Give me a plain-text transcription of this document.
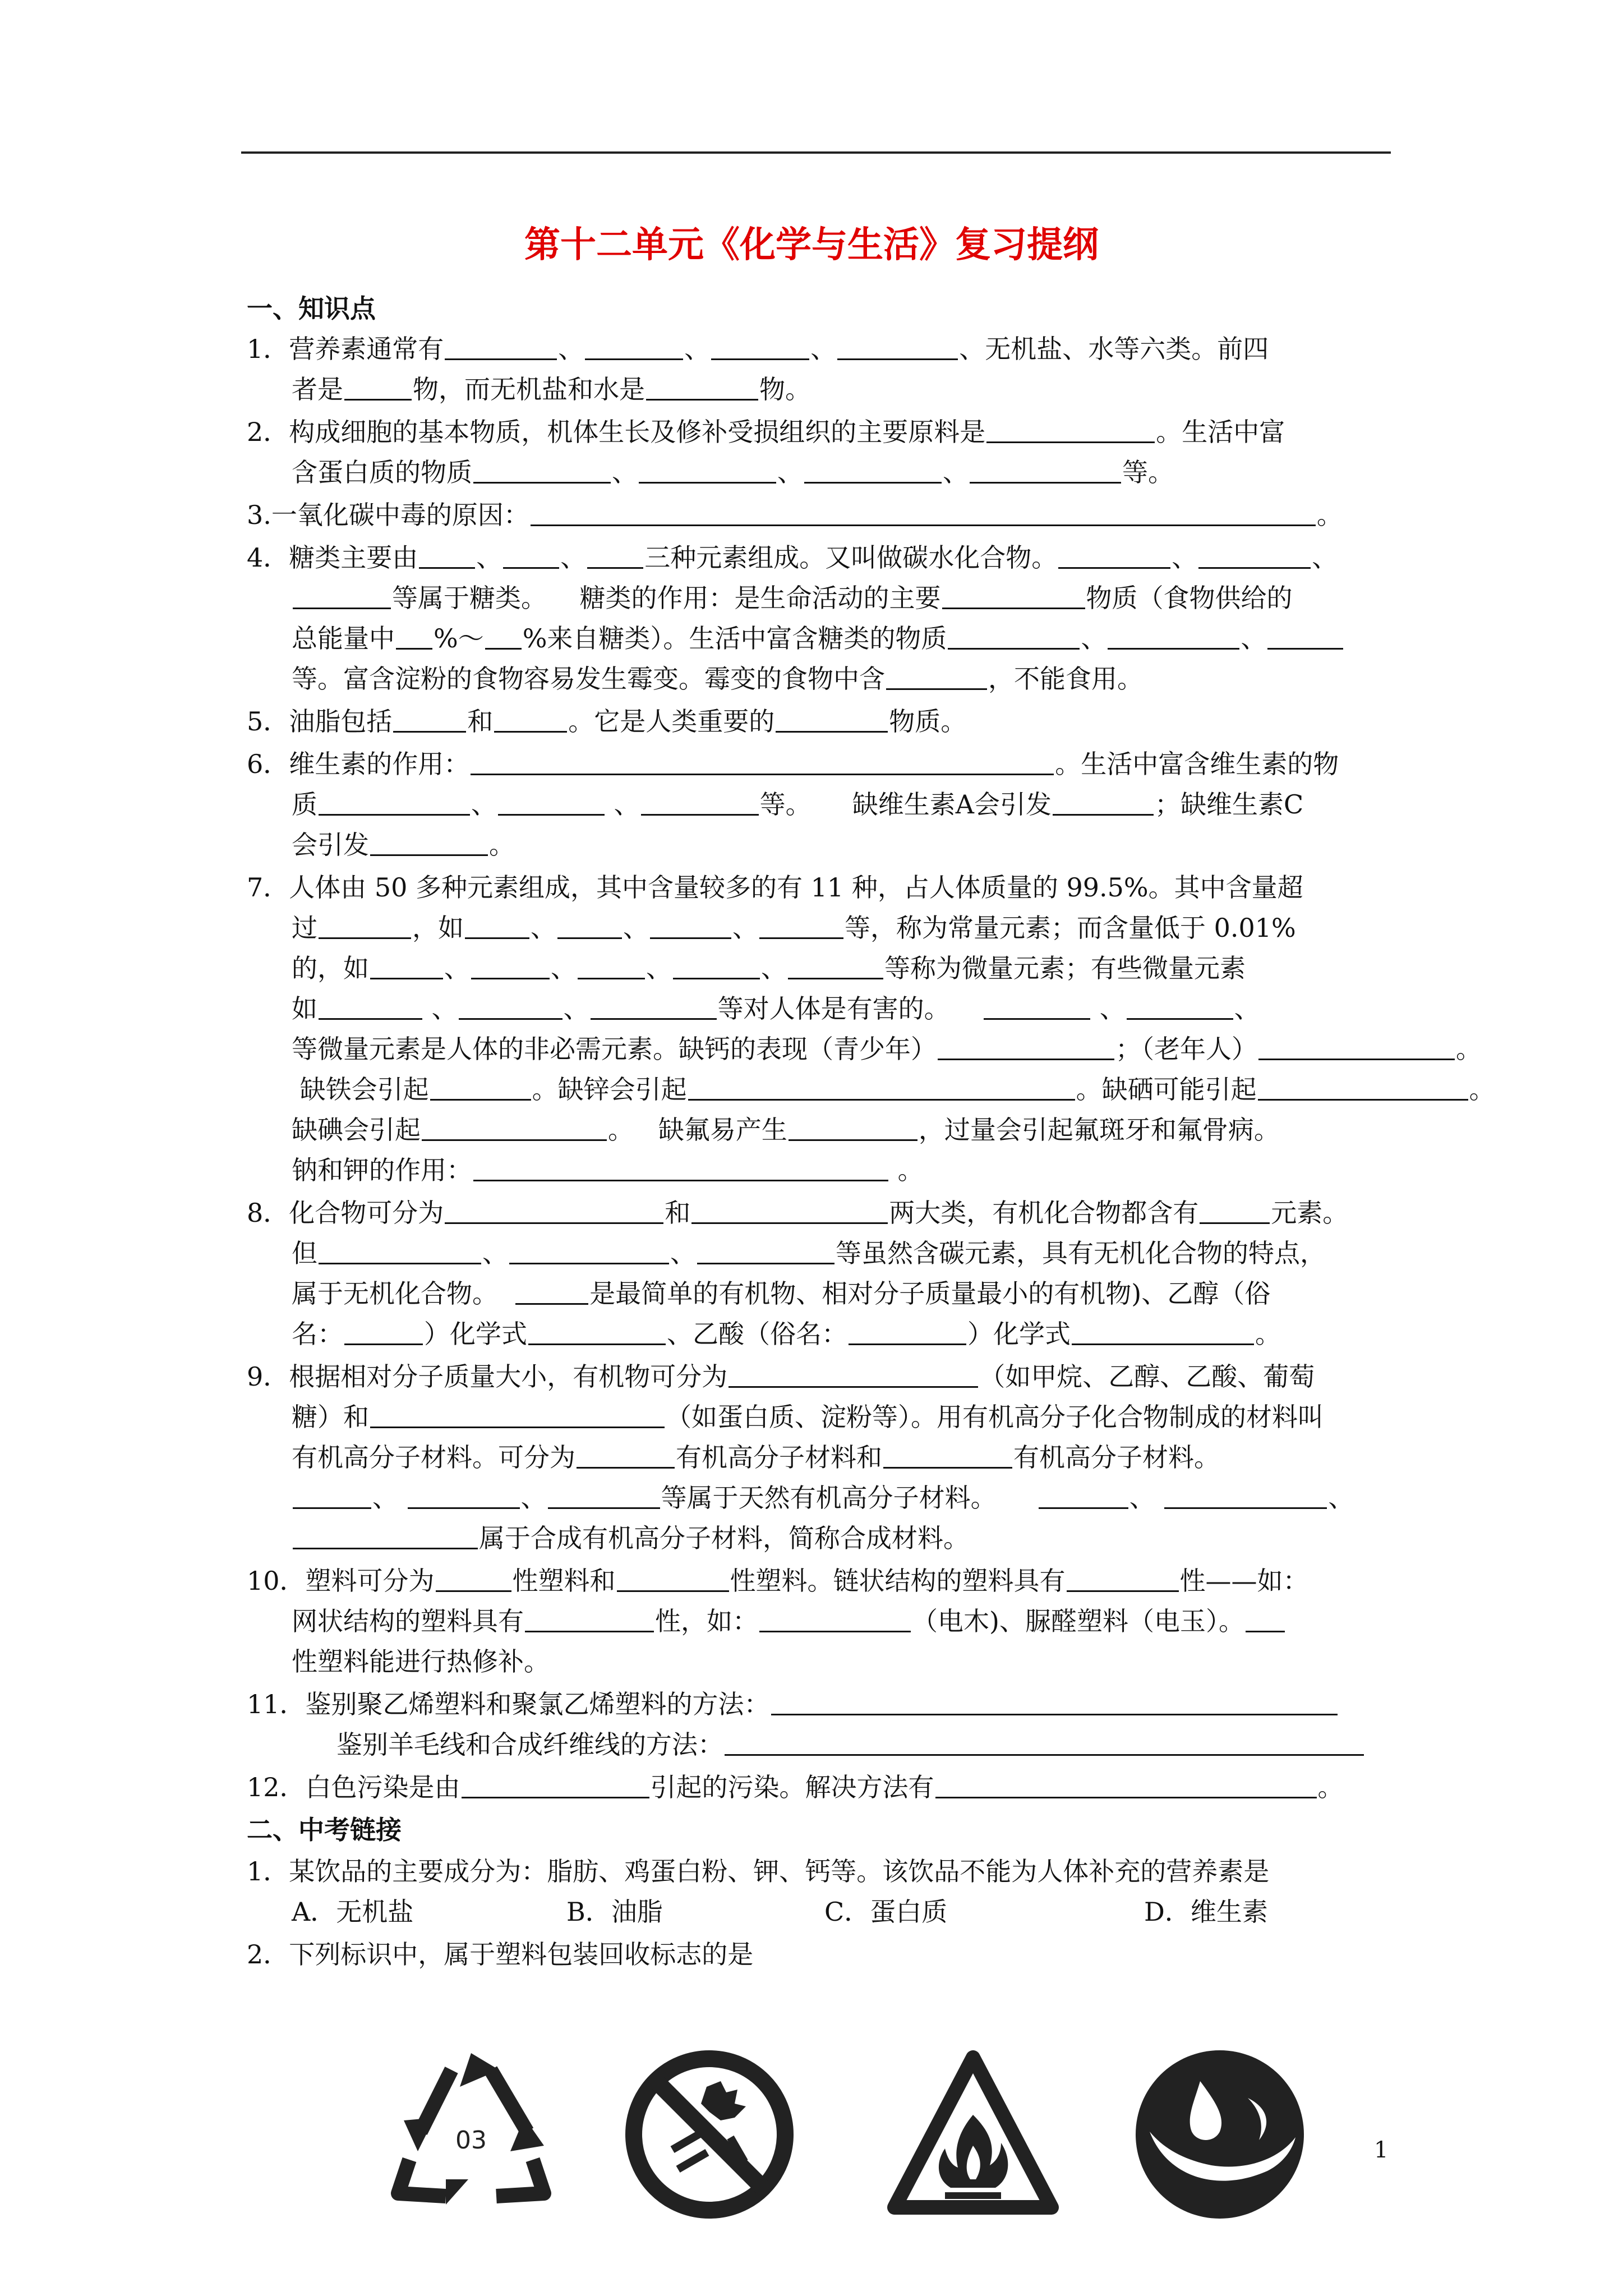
第十二单元《化学与生活》复习提纲
一、知识点
1．营养素通常有	、	、	、	、无机盐、水等六类。前四
者是	物，而无机盐和水是	物。
2．构成细胞的基本物质，机体生长及修补受损组织的主要原料是	。生活中富
含蛋白质的物质	、	、	、	等。
3.一氧化碳中毒的原因：	。
4．糖类主要由 、 、 三种元素组成。又叫做碳水化合物。	、	、
等属于糖类。 糖类的作用：是生命活动的主要	物质（食物供给的
总能量中 %～ %来自糖类）。生活中富含糖类的物质	、	、
等。富含淀粉的食物容易发生霉变。霉变的食物中含	，不能食用。
5．油脂包括	和	。它是人类重要的	物质。
6．维生素的作用：	。生活中富含维生素的物
质	、	、	等。 缺维生素A会引发	；缺维生素C
会引发	。
7．人体由 50 多种元素组成，其中含量较多的有 11 种，占人体质量的 99.5%。其中含量超
过	，如	、	、	、	等，称为常量元素；而含量低于 0.01%
的，如	、	、	、	、	等称为微量元素；有些微量元素
如	、	、	等对人体是有害的。	、	、
等微量元素是人体的非必需元素。缺钙的表现（青少年）	；（老年人）	。
缺铁会引起	。缺锌会引起	。缺硒可能引起	。
缺碘会引起	。 缺氟易产生	，过量会引起氟斑牙和氟骨病。
钠和钾的作用：	。
8．化合物可分为	和	两大类，有机化合物都含有	元素。
但	、	、	等虽然含碳元素，具有无机化合物的特点，
属于无机化合物。	是最简单的有机物、相对分子质量最小的有机物)、乙醇（俗
名：	）化学式	、乙酸（俗名：	）化学式	。
9．根据相对分子质量大小，有机物可分为	（如甲烷、乙醇、乙酸、葡萄
糖）和	（如蛋白质、淀粉等）。用有机高分子化合物制成的材料叫
有机高分子材料。可分为	有机高分子材料和	有机高分子材料。
、	、	等属于天然有机高分子材料。	、	、
属于合成有机高分子材料，简称合成材料。
10．塑料可分为	性塑料和	性塑料。链状结构的塑料具有	性——如：
网状结构的塑料具有	性，如：	（电木)、脲醛塑料（电玉）。
性塑料能进行热修补。
11．鉴别聚乙烯塑料和聚氯乙烯塑料的方法：
鉴别羊毛线和合成纤维线的方法：
12．白色污染是由	引起的污染。解决方法有	。
二、中考链接
1．某饮品的主要成分为：脂肪、鸡蛋白粉、钾、钙等。该饮品不能为人体补充的营养素是
A．无机盐	B．油脂	C．蛋白质	D．维生素
2．下列标识中，属于塑料包装回收标志的是
03
禁止烟火
1
